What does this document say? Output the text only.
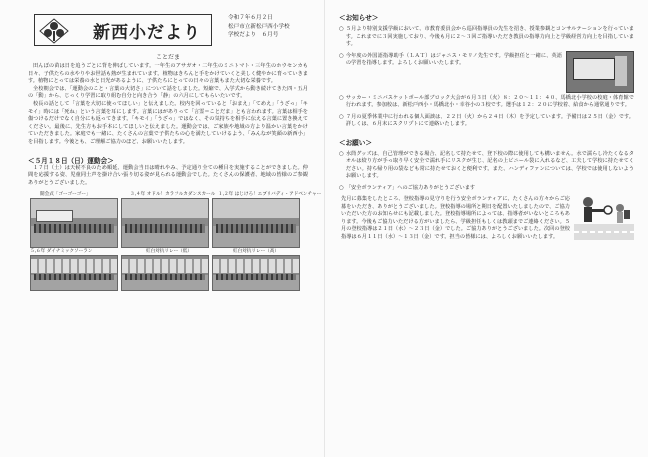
新西小だより
令和７年６月２日
松戸市立新松戸西小学校
学校だより　６月号
ことだま

田んぼの苗は日を追うごとに背を伸ばしています。一年生のアサガオ・二年生のミニトマト・三年生のホウセンカも日々、子供たちの水やりやお世話も熱が生まれています。植物はきちんと手をかけていくと美しく健やかに育っていきます。植物にとっては栄養の水と日光があるように、子供たちにとっての日々の言葉もまた大切な栄養です。

全校朝会では、「運動会のこと・言葉の大切さ」について話をしました。短縮で、入学式から動き続けてきた四・五月の「動」から、じっくり学習に取り組む自分と向き合う「静」の六月にしてもらいたいです。

校長の話として「言葉を大切に使ってほしい」と伝えました。校内を回っていると「おまえ」「てめえ」「うざっ」「キモイ」時には「死ね」という言葉を耳にします。言葉にはがありって「言霊＝ことだま」とも言われます。言葉は相手を傷つけるだけでなく自分にも返ってきます。「キモイ」「うざっ」ではなく、その気持ちを相手に伝える言葉に置き換えてください。最後に、先生方もお手本にしてほしいと伝えました。運動会では、ご家族や地域の方より温かい言葉をかけていただきました。家庭でも一緒に、たくさんの言葉で子供たちの心を満たしていけるよう、「みんなが笑顔の新西小」を目指します。今後とも、ご理解ご協力のほど、お願いいたします。

＜５月１８日（日）運動会＞

１７日（土）は天候不良のため順延、運動会当日は晴れやみ、予定通り全ての種目を実施することができました。仲間を応援する姿、児童同士声を掛け合い張り切る姿が見られる運動会でした。たくさんの保護者、地域の皆様のご参観ありがとうございました。

開会式「ゴーゴーゴー」	３,４年 オドル！カラフルカダンスカール １,２年 はじけろ！エブリバディ・アドベンチャー
５,６年 ダイナミックソーラン	紅白対抗リレー（低）	紅白対抗リレー（高）
＜お知らせ＞
○ ５月より特別支援学級において、市教育委員会から巡回指導員の先生を招き、授業参観とコンサルテーションを行っています。これまでに３回実施しており、今後も月に２～３回ご指導いただき教員の指導力向上と学級経営力向上を目指しています。
○ 今年度の外国語指導助手（ＬＡＴ）はジャニス・モリノ先生です。学級担任と一緒に、英語の学習を指導します。よろしくお願いいたします。
○ サッカー・ミニバスケットボール部ブロック大会が６月３日（火）８：２０～１１：４０、馬橋北小学校の校庭・体育館で行われます。参加校は、新松戸西小・馬橋北小・幸谷小の３校です。選手は１２：２０に学校着、給食から通常通りです。
○ ７月の夏季休業中に行われる個人面談は、２２日（火）から２４日（木）を予定しています。予備日は２５日（金）です。詳しくは、６月末にスクリプトにて連絡いたします。
＜お願い＞
○ 水筒グッズは、自己管理ができる場合、記名して持たせて、登下校の際に使用しても構いません。水で濡らし冷たくなるタオルは絞り方が手っ取り早く安全で濡れ手にリスクが生じ、記名の上ビニール袋に入れるなど、工夫して学校に持たせてください。持ち帰り用の袋なども常に持たせておくと便利です。また、ハンディファンについては、学校では使用しないようお願いします。
○ 「安全ボランティア」へのご協力ありがとうございます
先月に募集をしたところ、登校指導の見守りを行う安全ボランティアに、たくさんの方々からご応募をいただき、ありがとうございました。登校指導の場所と期日を配置いたしましたので、ご協力いただいた方のお知らせにも記載しました。登校指導場所によっては、指導者がいないところもあります。今後もご協力いただける方がいましたら、学級担任もしくは教頭までご連絡ください。５月の登校指導は２１日（水）～２３日（金）でした。ご協力ありがとうございました。次回の登校指導は６月１１日（水）～１３日（金）です。担当の皆様には、よろしくお願いいたします。
